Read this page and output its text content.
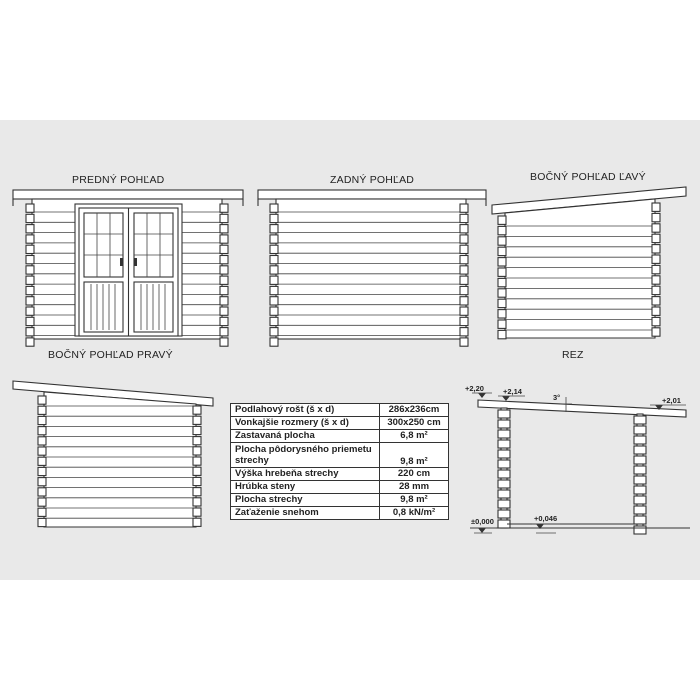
PREDNÝ POHĽAD	ZADNÝ POHĽAD	BOČNÝ POHĽAD ĽAVÝ
BOČNÝ POHĽAD PRAVÝ	REZ
Podlahový rošt (š x d)	286x236cm
Vonkajšie rozmery (š x d)	300x250 cm
Zastavaná plocha	6,8 m²
Plocha pôdorysného priemetu strechy	9,8 m²
Výška hrebeňa strechy	220 cm
Hrúbka steny	28 mm
Plocha strechy	9,8 m²
Zaťaženie snehom	0,8 kN/m²
+2,20	+2,14
3°	+2,01
±0,000	+0,046
